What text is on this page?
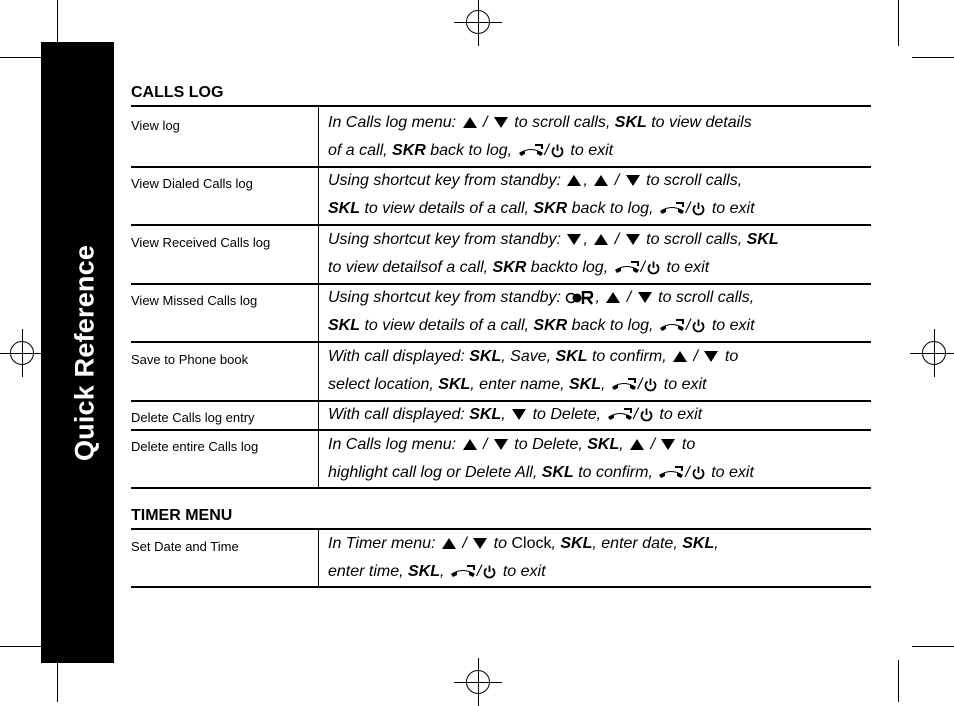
Quick Reference
CALLS LOG
View log	In Calls log menu:  /  to scroll calls, SKL to view details
of a call, SKR back to log, / to exit
View Dialed Calls log	Using shortcut key from standby: ,  /  to scroll calls,
SKL to view details of a call, SKR back to log, / to exit
View Received Calls log	Using shortcut key from standby: ,  /  to scroll calls, SKL
to view detailsof a call, SKR backto log, / to exit
View Missed Calls log	Using shortcut key from standby: ,  /  to scroll calls,
SKL to view details of a call, SKR back to log, / to exit
Save to Phone book	With call displayed: SKL, Save, SKL to confirm,  /  to
select location, SKL, enter name, SKL, / to exit
Delete Calls log entry	With call displayed: SKL,  to Delete, / to exit
Delete entire Calls log	In Calls log menu:  /  to Delete, SKL,  /  to
highlight call log or Delete All, SKL to confirm, / to exit
TIMER MENU
Set Date and Time	In Timer menu:  /  to Clock, SKL, enter date, SKL,
enter time, SKL, / to exit
